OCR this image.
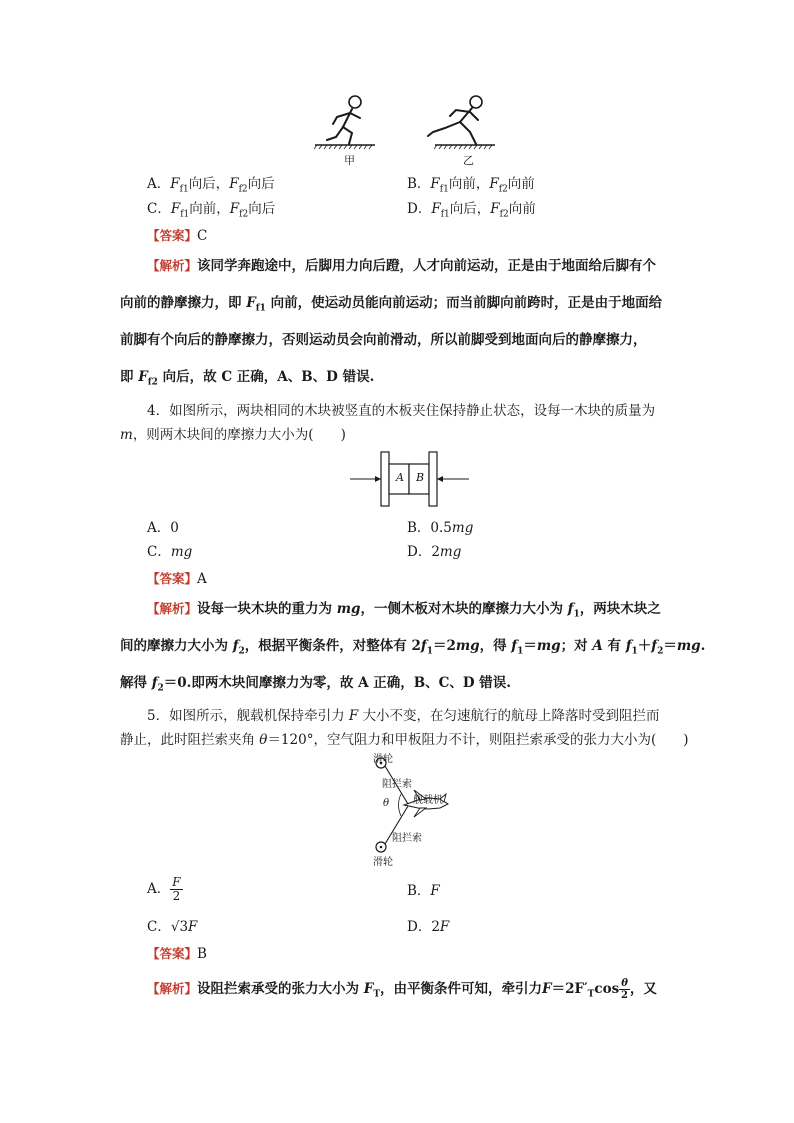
甲	乙
A．$F_{f1}$向后，$F_{f2}$向后	B．$F_{f1}$向前，$F_{f2}$向前
C．$F_{f1}$向前，$F_{f2}$向后	D．$F_{f1}$向后，$F_{f2}$向前
【答案】C
【解析】该同学奔跑途中，后脚用力向后蹬，人才向前运动，正是由于地面给后脚有个
向前的静摩擦力，即 $F_{f1}$ 向前，使运动员能向前运动；而当前脚向前跨时，正是由于地面给
前脚有个向后的静摩擦力，否则运动员会向前滑动，所以前脚受到地面向后的静摩擦力，
即 $F_{f2}$ 向后，故 C 正确，A、B、D 错误.
4．如图所示，两块相同的木块被竖直的木板夹住保持静止状态，设每一木块的质量为
m，则两木块间的摩擦力大小为(　　)
A B
A．0	B．0.5mg
C．mg	D．2mg
【答案】A
【解析】设每一块木块的重力为 mg，一侧木板对木块的摩擦力大小为 $f_1$，两块木块之
间的摩擦力大小为 $f_2$，根据平衡条件，对整体有 $2f_1=2mg$，得 $f_1=mg$；对 A 有 $f_1+f_2=mg$.
解得 $f_2=0$.即两木块间摩擦力为零，故 A 正确，B、C、D 错误.
5．如图所示，舰载机保持牵引力 F 大小不变，在匀速航行的航母上降落时受到阻拦而
静止，此时阻拦索夹角 θ＝120°，空气阻力和甲板阻力不计，则阻拦索承受的张力大小为(　　)
滑轮
阻拦索
θ 舰载机
阻拦索
滑轮
A． $\frac{F}{2}$	B．F
C．√3F	D．2F
【答案】B
【解析】设阻拦索承受的张力大小为 $F_T$，由平衡条件可知，牵引力$F=2F'_T\cos \frac{\theta}{2}$ ，又
